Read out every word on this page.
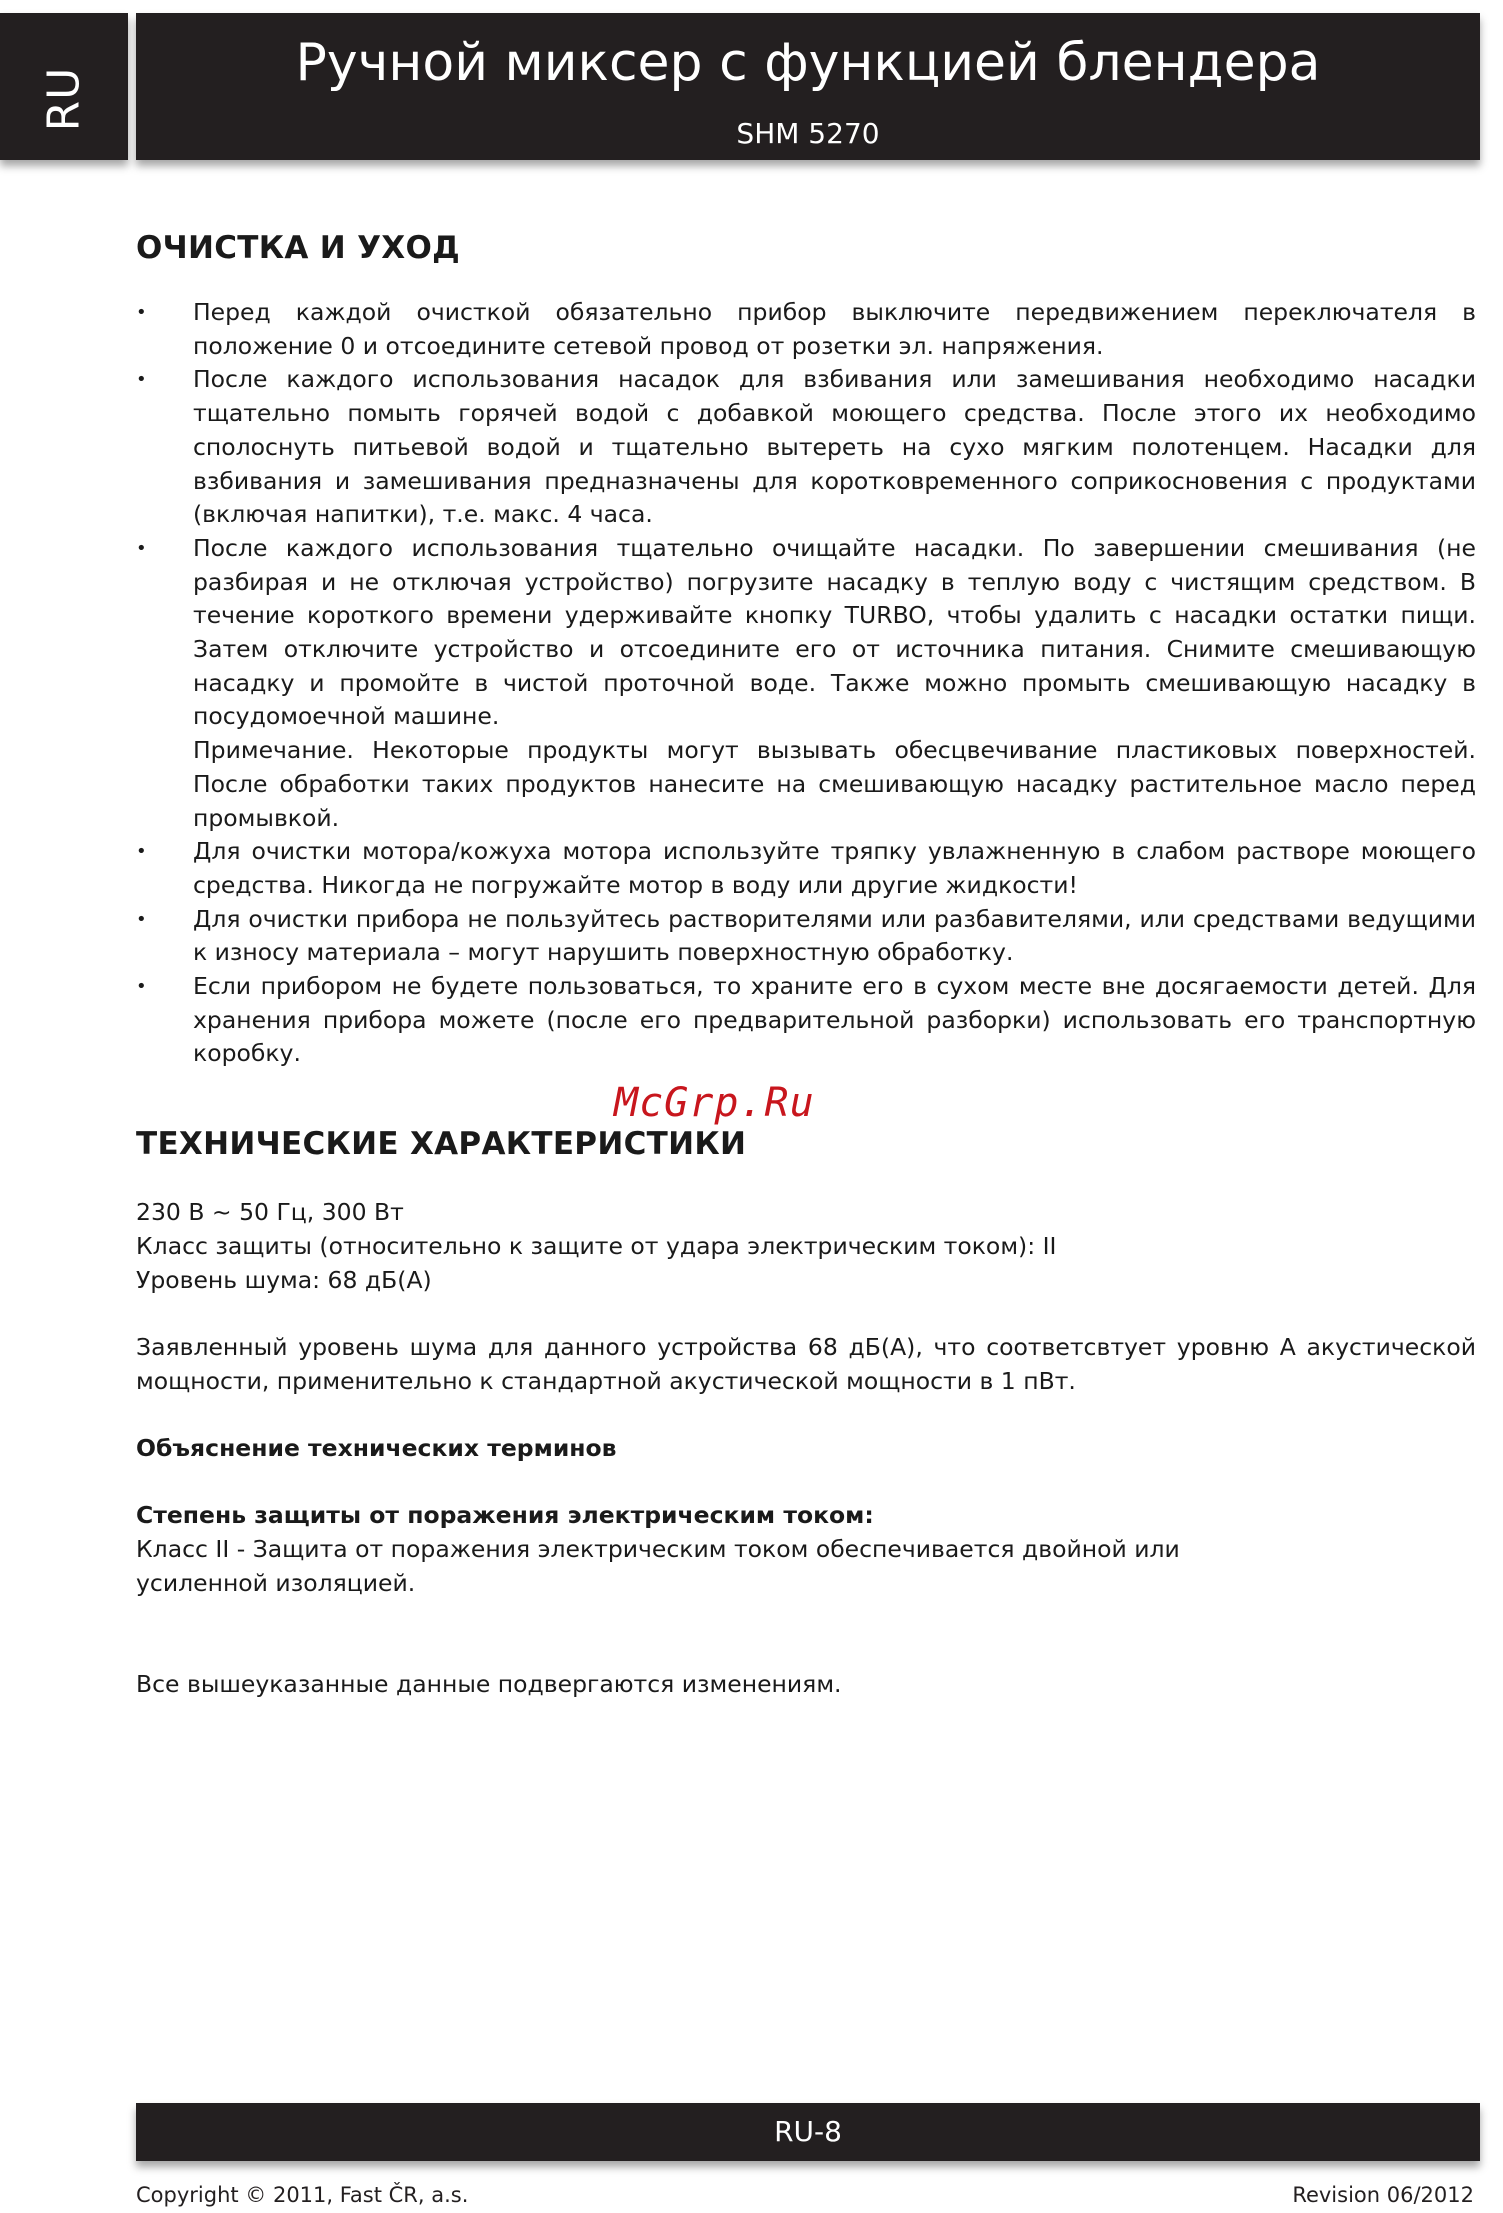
RU
Ручной миксер с функцией блендера
SHM 5270
ОЧИСТКА И УХОД
• Перед каждой очисткой обязательно прибор выключите передвижением переключателя в положение 0 и отсоедините сетевой провод от розетки эл. напряжения.
• После каждого использования насадок для взбивания или замешивания необходимо насадки тщательно помыть горячей водой с добавкой моющего средства. После этого их необходимо сполоснуть питьевой водой и тщательно вытереть на сухо мягким полотенцем. Насадки для взбивания и замешивания предназначены для коротковременного соприкосновения с продуктами (включая напитки), т.е. макс. 4 часа.
• После каждого использования тщательно очищайте насадки. По завершении смешивания (не разбирая и не отключая устройство) погрузите насадку в теплую воду с чистящим средством. В течение короткого времени удерживайте кнопку TURBO, чтобы удалить с насадки остатки пищи. Затем отключите устройство и отсоедините его от источника питания. Снимите смешивающую насадку и промойте в чистой проточной воде. Также можно промыть смешивающую насадку в посудомоечной машине.
Примечание. Некоторые продукты могут вызывать обесцвечивание пластиковых поверхностей. После обработки таких продуктов нанесите на смешивающую насадку растительное масло перед промывкой.
• Для очистки мотора/кожуха мотора используйте тряпку увлажненную в слабом растворе моющего средства. Никогда не погружайте мотор в воду или другие жидкости!
• Для очистки прибора не пользуйтесь растворителями или разбавителями, или средствами ведущими к износу материала – могут нарушить поверхностную обработку.
• Если прибором не будете пользоваться, то храните его в сухом месте вне досягаемости детей. Для хранения прибора можете (после его предварительной разборки) использовать его транспортную коробку.
ТЕХНИЧЕСКИЕ ХАРАКТЕРИСТИКИ
230 В ~ 50 Гц, 300 Вт
Класс защиты (относительно к защите от удара электрическим током): II
Уровень шума: 68 дБ(А)
Заявленный уровень шума для данного устройства 68 дБ(А), что соответсвтует уровню А акустической мощности, применительно к стандартной акустической мощности в 1 пВт.
Объяснение технических терминов
Степень защиты от поражения электрическим током:
Класс II - Защита от поражения электрическим током обеспечивается двойной или усиленной изоляцией.
Все вышеуказанные данные подвергаются изменениям.
McGrp.Ru
RU-8
Copyright © 2011, Fast ČR, a.s.	Revision 06/2012
